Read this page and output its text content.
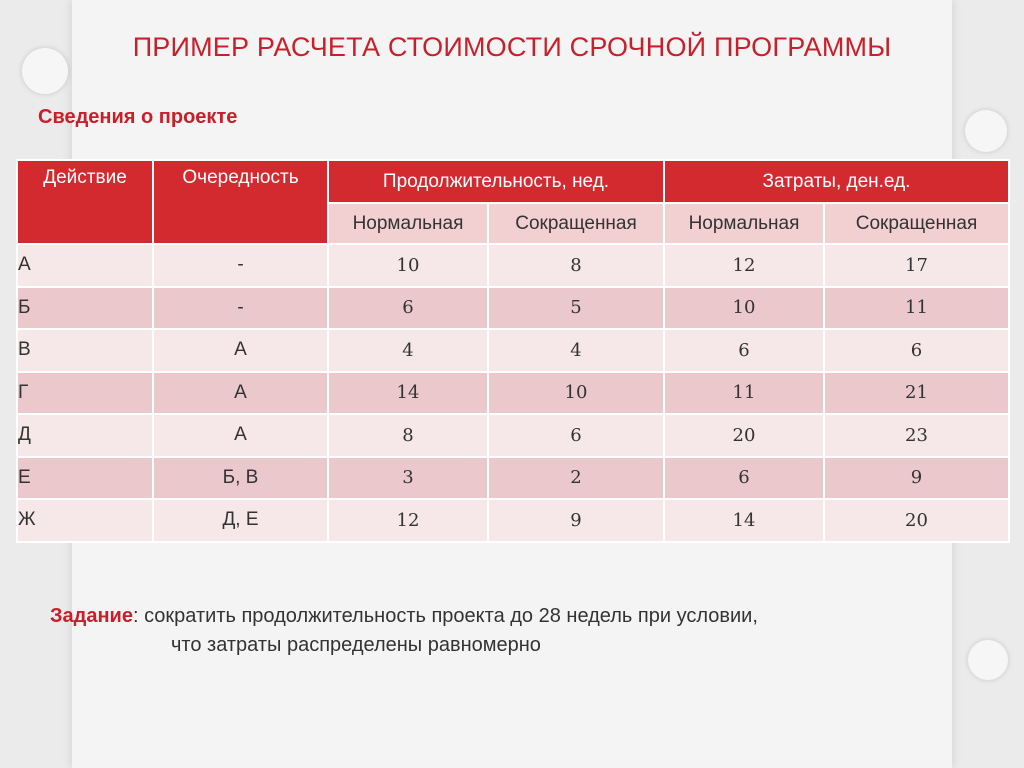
ПРИМЕР РАСЧЕТА СТОИМОСТИ СРОЧНОЙ ПРОГРАММЫ
Сведения о проекте
Действие	Очередность	Продолжительность, нед.		Затраты, ден.ед.	
		Нормальная	Сокращенная	Нормальная	Сокращенная
А	-	10	8	12	17
Б	-	6	5	10	11
В	А	4	4	6	6
Г	А	14	10	11	21
Д	А	8	6	20	23
Е	Б, В	3	2	6	9
Ж	Д, Е	12	9	14	20

Задание: сократить продолжительность проекта до 28 недель при условии,
что затраты распределены равномерно
